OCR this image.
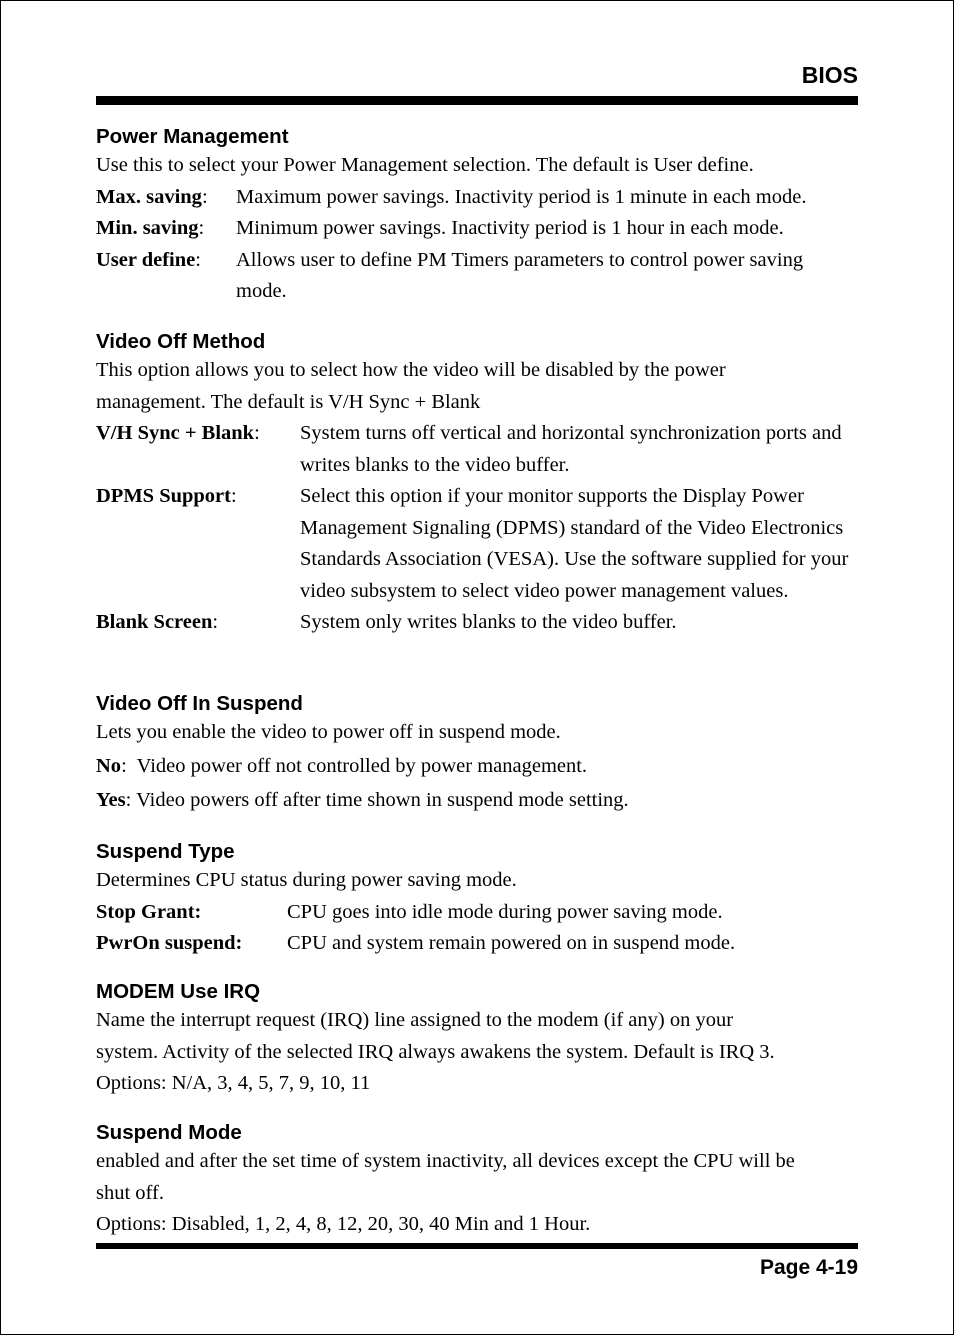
BIOS
Power Management
Use this to select your Power Management selection. The default is User define.
Max. saving:	Maximum power savings. Inactivity period is 1 minute in each mode.
Min. saving:	Minimum power savings. Inactivity period is 1 hour in each mode.
User define:	Allows user to define PM Timers parameters to control power saving mode.
Video Off Method
This option allows you to select how the video will be disabled by the power
management. The default is V/H Sync + Blank
V/H Sync + Blank:	System turns off vertical and horizontal synchronization ports and writes blanks to the video buffer.
DPMS Support:	Select this option if your monitor supports the Display Power Management Signaling (DPMS) standard of the Video Electronics Standards Association (VESA). Use the software supplied for your video subsystem to select video power management values.
Blank Screen:	System only writes blanks to the video buffer.
Video Off In Suspend
Lets you enable the video to power off in suspend mode.
No: Video power off not controlled by power management.
Yes: Video powers off after time shown in suspend mode setting.
Suspend Type
Determines CPU status during power saving mode.
Stop Grant:	CPU goes into idle mode during power saving mode.
PwrOn suspend:	CPU and system remain powered on in suspend mode.
MODEM Use IRQ
Name the interrupt request (IRQ) line assigned to the modem (if any) on your
system. Activity of the selected IRQ always awakens the system. Default is IRQ 3.
Options: N/A, 3, 4, 5, 7, 9, 10, 11
Suspend Mode
enabled and after the set time of system inactivity, all devices except the CPU will be
shut off.
Options: Disabled, 1, 2, 4, 8, 12, 20, 30, 40 Min and 1 Hour.
Page 4-19
